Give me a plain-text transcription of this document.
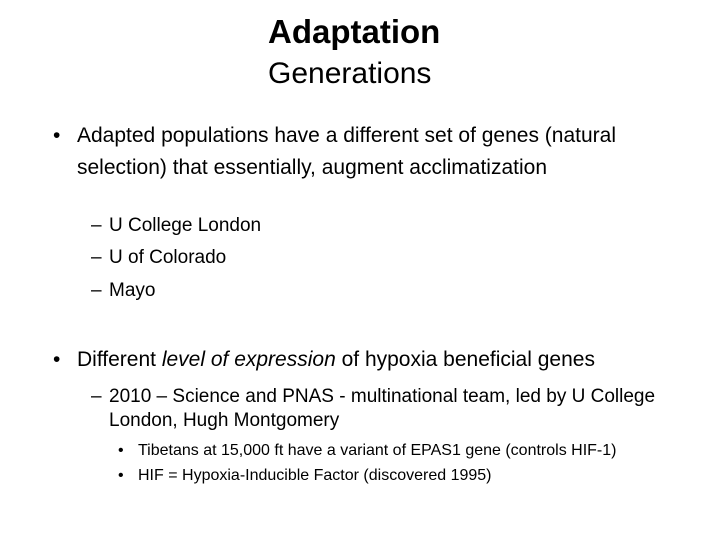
Adaptation
Generations
• Adapted populations have a different set of genes (natural selection) that essentially, augment acclimatization
– U College London
– U of Colorado
– Mayo
• Different level of expression of hypoxia beneficial genes
– 2010 – Science and PNAS - multinational team, led by U College London, Hugh Montgomery
• Tibetans at 15,000 ft have a variant of EPAS1 gene (controls HIF-1)
• HIF = Hypoxia-Inducible Factor (discovered 1995)
